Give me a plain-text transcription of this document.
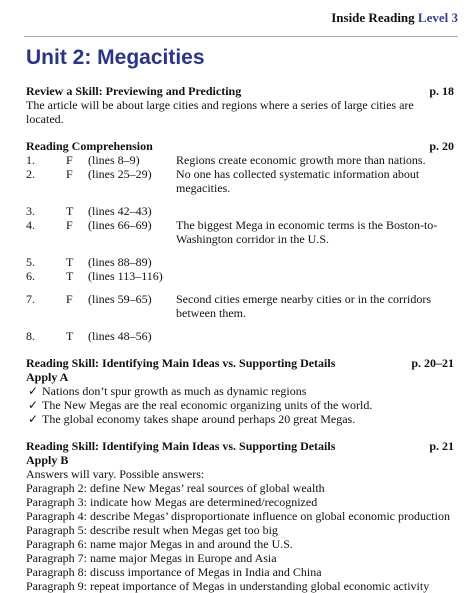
Inside Reading Level 3
Unit 2: Megacities
Review a Skill: Previewing and Predicting	p. 18
The article will be about large cities and regions where a series of large cities are located.
Reading Comprehension	p. 20
1.	F	(lines 8–9)	Regions create economic growth more than nations.
2.	F	(lines 25–29)	No one has collected systematic information about megacities.
3.	T	(lines 42–43)
4.	F	(lines 66–69)	The biggest Mega in economic terms is the Boston-to-Washington corridor in the U.S.
5.	T	(lines 88–89)
6.	T	(lines 113–116)
7.	F	(lines 59–65)	Second cities emerge nearby cities or in the corridors between them.
8.	T	(lines 48–56)
Reading Skill: Identifying Main Ideas vs. Supporting Details	p. 20–21
Apply A
✓ Nations don’t spur growth as much as dynamic regions
✓ The New Megas are the real economic organizing units of the world.
✓ The global economy takes shape around perhaps 20 great Megas.
Reading Skill: Identifying Main Ideas vs. Supporting Details	p. 21
Apply B
Answers will vary. Possible answers:
Paragraph 2: define New Megas’ real sources of global wealth
Paragraph 3: indicate how Megas are determined/recognized
Paragraph 4: describe Megas’ disproportionate influence on global economic production
Paragraph 5: describe result when Megas get too big
Paragraph 6: name major Megas in and around the U.S.
Paragraph 7: name major Megas in Europe and Asia
Paragraph 8: discuss importance of Megas in India and China
Paragraph 9: repeat importance of Megas in understanding global economic activity
